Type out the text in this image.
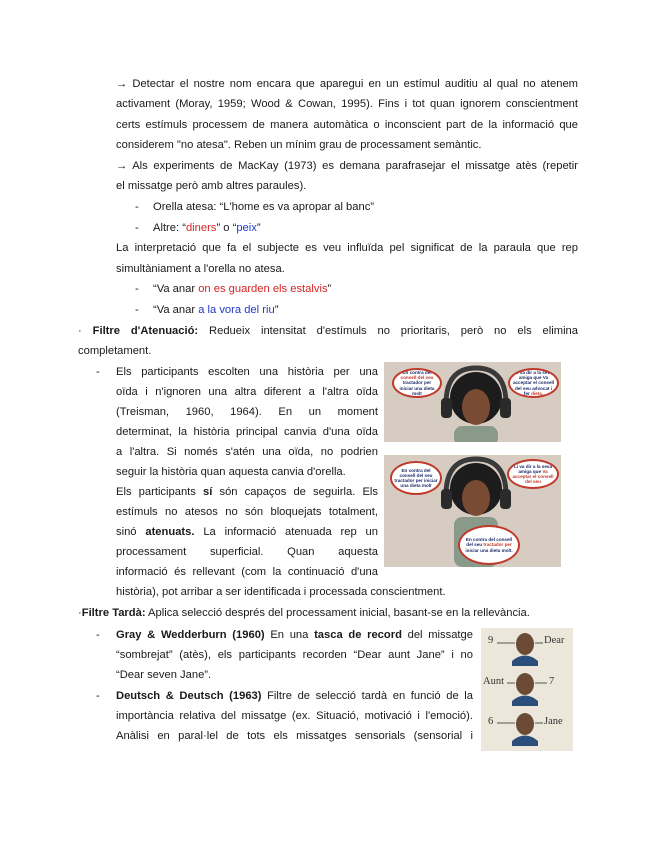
→ Detectar el nostre nom encara que aparegui en un estímul auditiu al qual no atenem
activament (Moray, 1959; Wood & Cowan, 1995). Fins i tot quan ignorem conscientment
certs estímuls processem de manera automàtica o inconscient part de la informació que
considerem "no atesa". Reben un mínim grau de processament semàntic.
→ Als experiments de MacKay (1973) es demana parafrasejar el missatge atès (repetir
el missatge però amb altres paraules).
- Orella atesa: “L'home es va apropar al banc”
- Altre: “diners” o “peix”
La interpretació que fa el subjecte es veu influïda pel significat de la paraula que rep
simultàniament a l'orella no atesa.
- “Va anar on es guarden els estalvis”
- “Va anar a la vora del riu”
· Filtre d'Atenuació: Redueix intensitat d'estímuls no prioritaris, però no els elimina
completament.
- Els participants escolten una història per una
oïda i n'ignoren una altra diferent a l'altra oïda
(Treisman, 1960, 1964). En un moment
determinat, la història principal canvia d'una oïda
a l'altra. Si només s'atén una oïda, no podrien
seguir la història quan aquesta canvia d'orella.
Els participants sí són capaços de seguirla. Els
estímuls no atesos no són bloquejats totalment,
sinó atenuats. La informació atenuada rep un
processament superficial. Quan aquesta
informació és rellevant (com la continuació d'una
història), pot arribar a ser identificada i processada conscientment.
En contra del consell del seu tractador per iniciar una dieta molt
Li va dir a la seva amiga que Va acceptar el consell del seu advocat i fer dieta.
En contra del consell del seu tractador per iniciar una dieta molt
Li va dir a la seva amiga que Va acceptar el consell del seu
En contra del consell del seu tractador per iniciar una dieta molt.
·Filtre Tardà: Aplica selecció després del processament inicial, basant-se en la rellevància.
- Gray & Wedderburn (1960) En una tasca de record del missatge
“sombrejat” (atès), els participants recorden “Dear aunt Jane” i no
“Dear seven Jane”.
- Deutsch & Deutsch (1963) Filtre de selecció tardà en funció de la
importància relativa del missatge (ex. Situació, motivació i l'emoció).
Anàlisi en paral·lel de tots els missatges sensorials (sensorial i
9	Dear
Aunt	7
6	Jane
